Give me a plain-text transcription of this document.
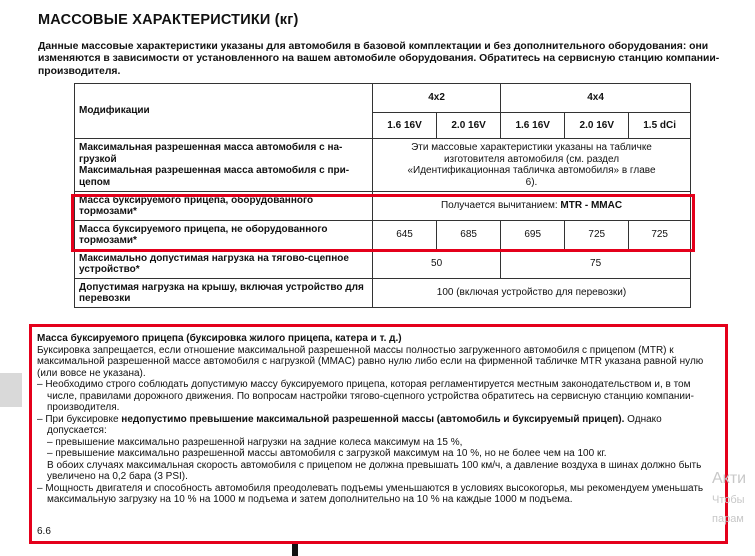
МАССОВЫЕ ХАРАКТЕРИСТИКИ (кг)
Данные массовые характеристики указаны для автомобиля в базовой комплектации и без дополнительного оборудования: они изменяются в зависимости от установленного на вашем автомобиле оборудования. Обратитесь на сервисную станцию компании-производителя.
Модификации	4x2		4x4		
	1.6 16V	2.0 16V	1.6 16V	2.0 16V	1.5 dCi

Максимальная разрешенная масса автомобиля с на-грузкой
Максимальная разрешенная масса автомобиля с при-цепом	Эти массовые характеристики указаны на табличке изготовителя автомобиля (см. раздел «Идентификационная табличка автомобиля» в главе 6).				
Масса буксируемого прицепа, оборудованного тормозами*	Получается вычитанием: MTR - MMAC				
Масса буксируемого прицепа, не оборудованного тормозами*	645	685	695	725	725
Максимально допустимая нагрузка на тягово-сцепное устройство*	50		75		
Допустимая нагрузка на крышу, включая устройство для перевозки	100 (включая устройство для перевозки)				

Масса буксируемого прицепа (буксировка жилого прицепа, катера и т. д.)

Буксировка запрещается, если отношение максимальной разрешенной массы полностью загруженного автомобиля с прицепом (MTR) к максимальной разрешенной массе автомобиля с нагрузкой (MMAC) равно нулю либо если на фирменной табличке MTR указана равной нулю (или вовсе не указана).

– Необходимо строго соблюдать допустимую массу буксируемого прицепа, которая регламентируется местным законодательством и, в том числе, правилами дорожного движения. По вопросам настройки тягово-сцепного устройства обратитесь на сервисную станцию компании-производителя.

– При буксировке недопустимо превышение максимальной разрешенной массы (автомобиль и буксируемый прицеп). Однако допускается:

– превышение максимально разрешенной нагрузки на задние колеса максимум на 15 %,

– превышение максимально разрешенной массы автомобиля с загрузкой максимум на 10 %, но не более чем на 100 кг.

В обоих случаях максимальная скорость автомобиля с прицепом не должна превышать 100 км/ч, а давление воздуха в шинах должно быть увеличено на 0,2 бара (3 PSI).

– Мощность двигателя и способность автомобиля преодолевать подъемы уменьшаются в условиях высокогорья, мы рекомендуем уменьшать максимальную загрузку на 10 % на 1000 м подъема и затем дополнительно на 10 % на каждые 1000 м подъема.

6.6
Акти
Чтобы
парам
